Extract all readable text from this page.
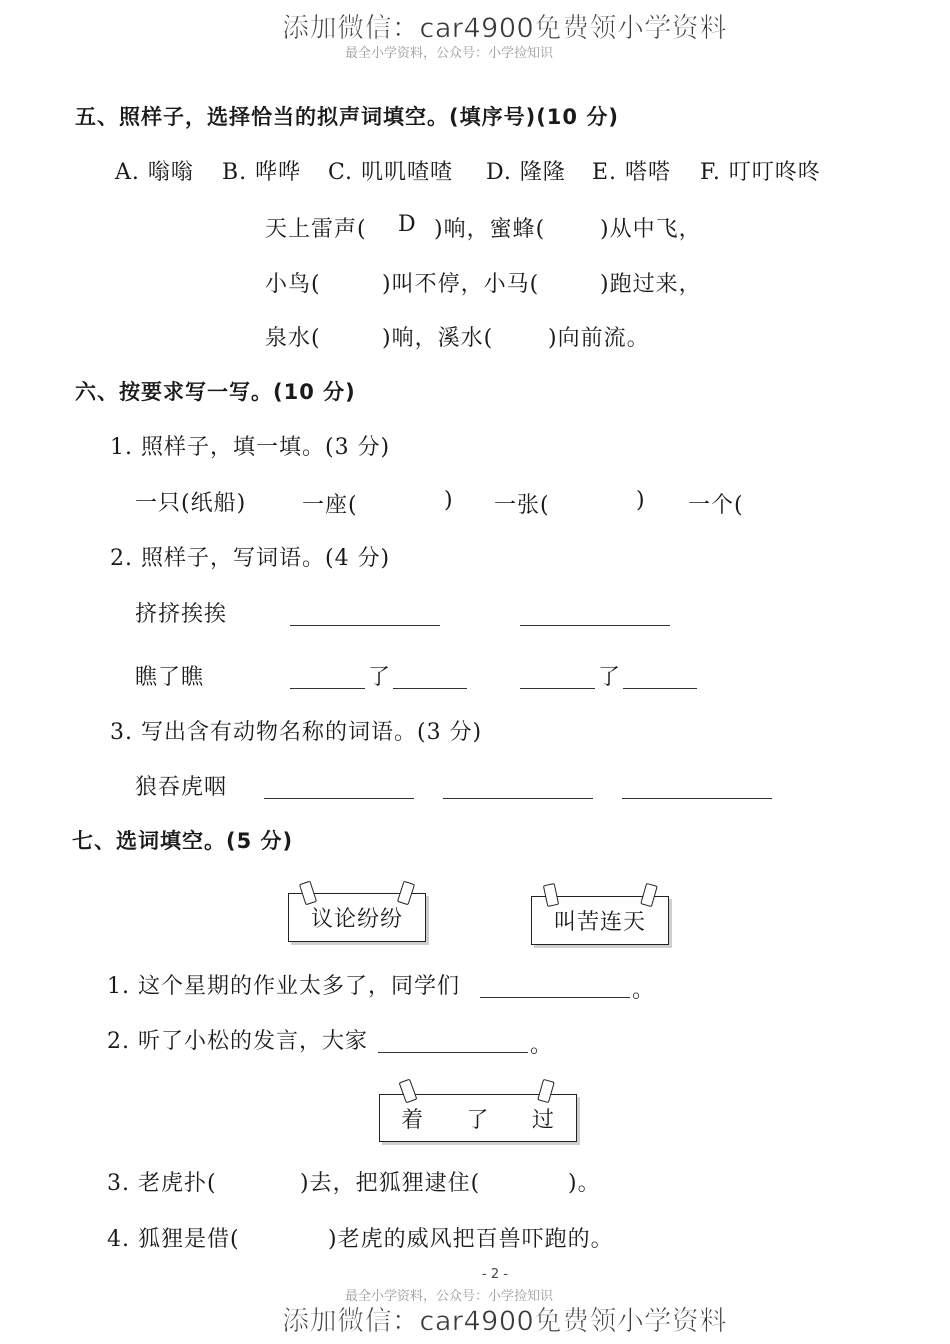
添加微信：car4900免费领小学资料
最全小学资料，公众号：小学捡知识
五、照样子，选择恰当的拟声词填空。(填序号)(10 分)
A. 嗡嗡 B. 哗哗 C. 叽叽喳喳 D. 隆隆 E. 嗒嗒 F. 叮叮咚咚
天上雷声( D )响，蜜蜂( )从中飞，
小鸟(	)叫不停，小马(	)跑过来，
泉水(	)响，溪水( )向前流。
六、按要求写一写。(10 分)
1. 照样子，填一填。(3 分)
一只(纸船)	一座(	) 一张(	) 一个(
2. 照样子，写词语。(4 分)
挤挤挨挨
瞧了瞧	了	了
3. 写出含有动物名称的词语。(3 分)
狼吞虎咽
七、选词填空。(5 分)
议论纷纷	叫苦连天
1. 这个星期的作业太多了，同学们	。
2. 听了小松的发言，大家	。
着 了 过
3. 老虎扑(	)去，把狐狸逮住(	)。
4. 狐狸是借(	)老虎的威风把百兽吓跑的。
- 2 -
最全小学资料，公众号：小学捡知识
添加微信：car4900免费领小学资料
